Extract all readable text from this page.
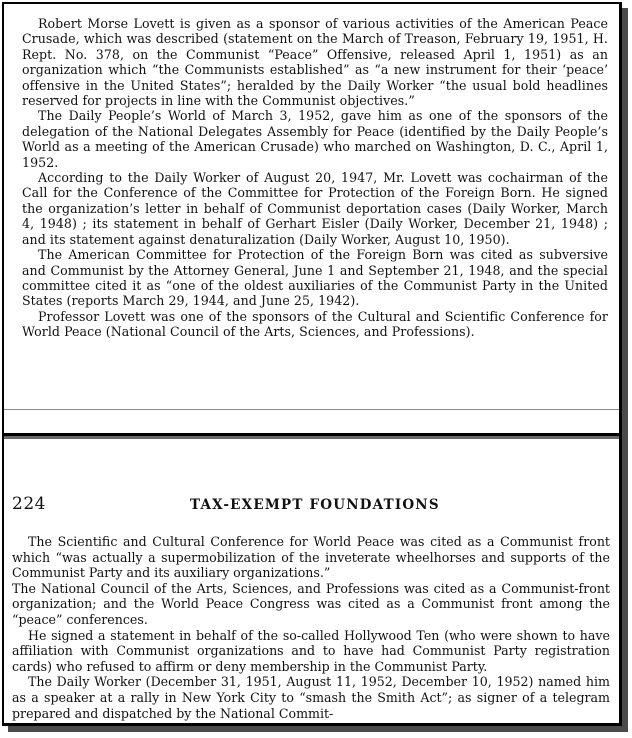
Robert Morse Lovett is given as a sponsor of various activities of the American Peace Crusade, which was described (statement on the March of Treason, February 19, 1951, H. Rept. No. 378, on the Communist “Peace” Offensive, released April 1, 1951) as an organization which “the Communists established” as “a new instrument for their ‘peace’ offensive in the United States”; heralded by the Daily Worker “the usual bold headlines reserved for projects in line with the Communist objectives.”

The Daily People’s World of March 3, 1952, gave him as one of the sponsors of the delegation of the National Delegates Assembly for Peace (identified by the Daily People’s World as a meeting of the American Crusade) who marched on Washington, D. C., April 1, 1952.

According to the Daily Worker of August 20, 1947, Mr. Lovett was cochairman of the Call for the Conference of the Committee for Protection of the Foreign Born. He signed the organization’s letter in behalf of Communist deportation cases (Daily Worker, March 4, 1948) ; its statement in behalf of Gerhart Eisler (Daily Worker, December 21, 1948) ; and its statement against denaturalization (Daily Worker, August 10, 1950).

The American Committee for Protection of the Foreign Born was cited as subversive and Communist by the Attorney General, June 1 and September 21, 1948, and the special committee cited it as “one of the oldest auxiliaries of the Communist Party in the United States (reports March 29, 1944, and June 25, 1942).

Professor Lovett was one of the sponsors of the Cultural and Scientific Conference for World Peace (National Council of the Arts, Sciences, and Professions).

224	TAX-EXEMPT FOUNDATIONS

The Scientific and Cultural Conference for World Peace was cited as a Communist front which “was actually a supermobilization of the inveterate wheelhorses and supports of the Communist Party and its auxiliary organizations.”

The National Council of the Arts, Sciences, and Professions was cited as a Communist-front organization; and the World Peace Congress was cited as a Communist front among the “peace” conferences.

He signed a statement in behalf of the so-called Hollywood Ten (who were shown to have affiliation with Communist organizations and to have had Communist Party registration cards) who refused to affirm or deny membership in the Communist Party.

The Daily Worker (December 31, 1951, August 11, 1952, December 10, 1952) named him as a speaker at a rally in New York City to “smash the Smith Act”; as signer of a telegram prepared and dispatched by the National Commit-
